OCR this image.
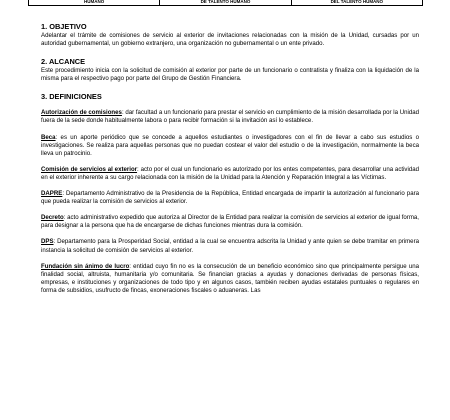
HUMANO	DE TALENTO HUMANO	DEL TALENTO HUMANO

1. OBJETIVO

Adelantar el trámite de comisiones de servicio al exterior de invitaciones relacionadas con la misión de la Unidad, cursadas por un autoridad gubernamental, un gobierno extranjero, una organización no gubernamental o un ente privado.

2. ALCANCE

Este procedimiento inicia con la solicitud de comisión al exterior por parte de un funcionario o contratista y finaliza con la liquidación de la misma para el respectivo pago por parte del Grupo de Gestión Financiera.

3. DEFINICIONES

Autorización de comisiones: dar facultad a un funcionario para prestar el servicio en cumplimiento de la misión desarrollada por la Unidad fuera de la sede donde habitualmente labora o para recibir formación si la invitación así lo establece.

Beca: es un aporte periódico que se concede a aquellos estudiantes o investigadores con el fin de llevar a cabo sus estudios o investigaciones. Se realiza para aquellas personas que no puedan costear el valor del estudio o de la investigación, normalmente la beca lleva un patrocinio.

Comisión de servicios al exterior: acto por el cual un funcionario es autorizado por los entes competentes, para desarrollar una actividad en el exterior inherente a su cargo relacionada con la misión de la Unidad para la Atención y Reparación Integral a las Víctimas.

DAPRE: Departamento Administrativo de la Presidencia de la República, Entidad encargada de impartir la autorización al funcionario para que pueda realizar la comisión de servicios al exterior.

Decreto: acto administrativo expedido que autoriza al Director de la Entidad para realizar la comisión de servicios al exterior de igual forma, para designar a la persona que ha de encargarse de dichas funciones mientras dura la comisión.

DPS: Departamento para la Prosperidad Social, entidad a la cual se encuentra adscrita la Unidad y ante quien se debe tramitar en primera instancia la solicitud de comisión de servicios al exterior.

Fundación sin ánimo de lucro: entidad cuyo fin no es la consecución de un beneficio económico sino que principalmente persigue una finalidad social, altruista, humanitaria y/o comunitaria. Se financian gracias a ayudas y donaciones derivadas de personas físicas, empresas, e instituciones y organizaciones de todo tipo y en algunos casos, también reciben ayudas estatales puntuales o regulares en forma de subsidios, usufructo de fincas, exoneraciones fiscales o aduaneras. Las
